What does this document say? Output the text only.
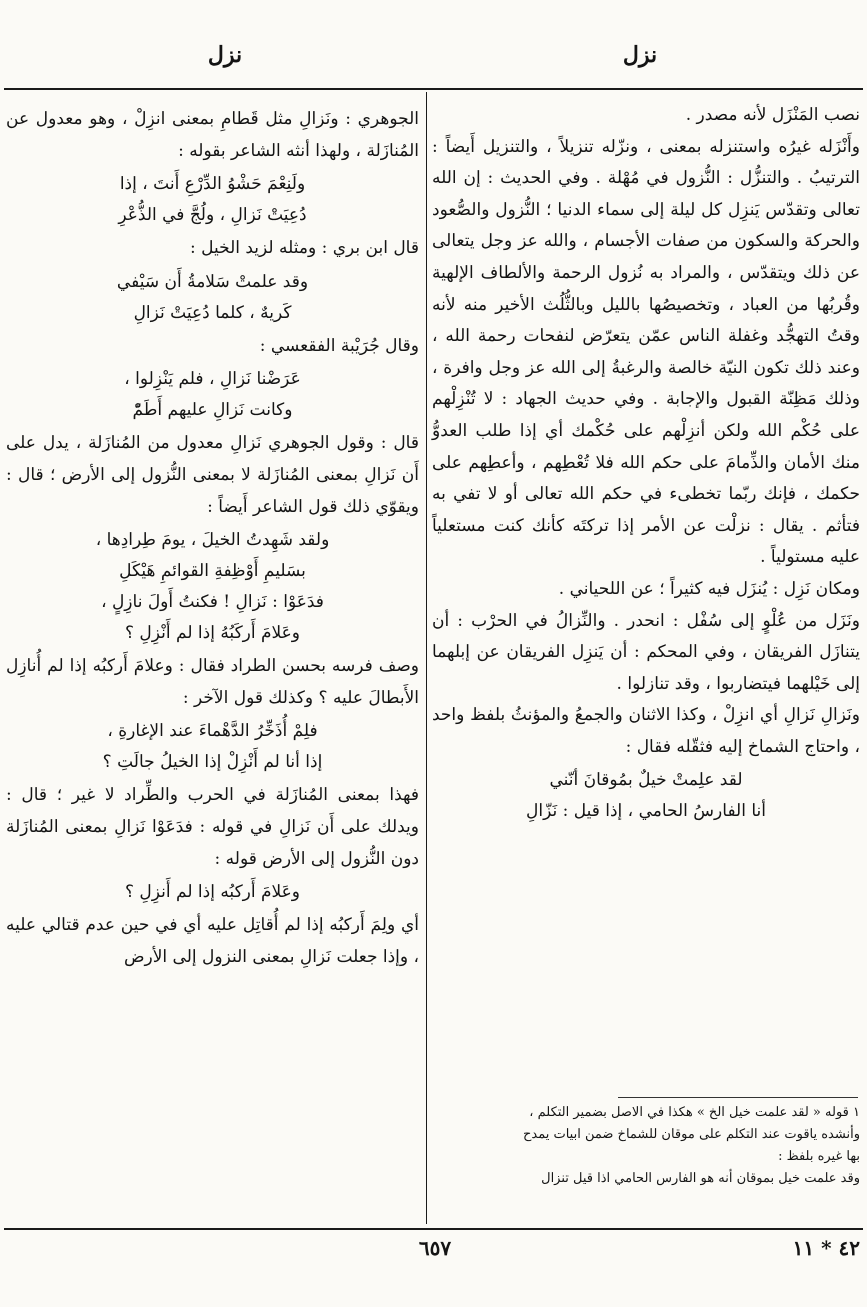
نزل
نزل

نصب المَنْزَل لأنه مصدر .

وأَنْزَله غيرُه واستنزله بمعنى ، ونزّله تنزيلاً ، والتنزيل أَيضاً : الترتيبُ . والتنزُّل : النُّزول في مُهْلة . وفي الحديث : إن الله تعالى وتقدّس يَنزِل كل ليلة إلى سماء الدنيا ؛ النُّزول والصُّعود والحركة والسكون من صفات الأجسام ، والله عز وجل يتعالى عن ذلك ويتقدّس ، والمراد به نُزول الرحمة والألطاف الإلهية وقُربُها من العباد ، وتخصيصُها بالليل وبالثُّلُث الأخير منه لأنه وقتُ التهجُّد وغفلة الناس عمّن يتعرّض لنفحات رحمة الله ، وعند ذلك تكون النيّة خالصة والرغبةُ إلى الله عز وجل وافرة ، وذلك مَظِنّة القبول والإجابة . وفي حديث الجهاد : لا تُنْزِلْهم على حُكْم الله ولكن أنزِلْهم على حُكْمك أي إذا طلب العدوُّ منك الأمان والذِّمامَ على حكم الله فلا تُعْطِهم ، وأعطِهم على حكمك ، فإنك ربّما تخطىء في حكم الله تعالى أو لا تفي به فتأثم . يقال : نزلْت عن الأمر إذا تركتَه كأنك كنت مستعلياً عليه مستولياً .

ومكان نَزِل : يُنزَل فيه كثيراً ؛ عن اللحياني .

ونَزَل من عُلْوٍ إلى سُفْل : انحدر . والنِّزالُ في الحرْب : أن يتنازَل الفريقان ، وفي المحكم : أن يَنزِل الفريقان عن إبلهما إلى خَيْلهما فيتضاربوا ، وقد تنازلوا .

ونَزالِ نَزالِ أي انزِلْ ، وكذا الاثنان والجمعُ والمؤنثُ بلفظ واحد ، واحتاج الشماخ إليه فثقّله فقال :

لقد علِمتْ خيلٌ بمُوقانَ أنّني
أنا الفارسُ الحامي ، إذا قيل : نَزّالِ

١ قوله « لقد علمت خيل الخ » هكذا في الاصل بضمير التكلم ،

وأنشده ياقوت عند التكلم على موقان للشماخ ضمن ابيات يمدح

بها غيره بلفظ :

وقد علمت خيل بموقان أنه هو الفارس الحامي اذا قيل تنزال

الجوهري : ونَزالِ مثل قَطامِ بمعنى انزِلْ ، وهو معدول عن المُنازَلة ، ولهذا أنثه الشاعر بقوله :

ولَنِعْمَ حَشْوُ الدِّرْعِ أَنتَ ، إذا
دُعِيَتْ نَزالِ ، ولُجَّ في الذُّعْرِ

قال ابن بري : ومثله لزيد الخيل :

وقد علمتْ سَلامةُ أَن سَيْفي
كَريهٌ ، كلما دُعِيَتْ نَزالِ

وقال جُرَيْبة الفقعسي :

عَرَضْنا نَزالِ ، فلم يَنْزِلوا ،
وكانت نَزالِ عليهم أَطَمّْ

قال : وقول الجوهري نَزالِ معدول من المُنازَلة ، يدل على أَن نَزالِ بمعنى المُنازَلة لا بمعنى النُّزول إلى الأرض ؛ قال : ويقوّي ذلك قول الشاعر أَيضاً :

ولقد شَهِدتُ الخيلَ ، يومَ طِرادِها ،
بسَليمِ أَوْظِفةِ القوائمِ هَيْكَلِ
فدَعَوْا : نَزالِ ! فكنتُ أَولَ نازِلٍ ،
وعَلامَ أَركَبُهُ إذا لم أَنْزِلِ ؟

وصف فرسه بحسن الطراد فقال : وعلامَ أَركبُه إذا لم أُنازِل الأَبطالَ عليه ؟ وكذلك قول الآخر :

فلِمْ أُذَخِّرُ الدَّهْماءَ عند الإغارةِ ،
إذا أنا لم أَنْزِلْ إذا الخيلُ جالَتِ ؟

فهذا بمعنى المُنازَلة في الحرب والطِّراد لا غير ؛ قال : ويدلك على أَن نَزالِ في قوله : فدَعَوْا نَزالِ بمعنى المُنازَلة دون النُّزول إلى الأرض قوله :

وعَلامَ أَركبُه إذا لم أَنزِلِ ؟

أي ولِمَ أَركبُه إذا لم أُقاتِل عليه أي في حين عدم قتالي عليه ، وإذا جعلت نَزالِ بمعنى النزول إلى الأرض

٦٥٧	٤٢ * ١١
